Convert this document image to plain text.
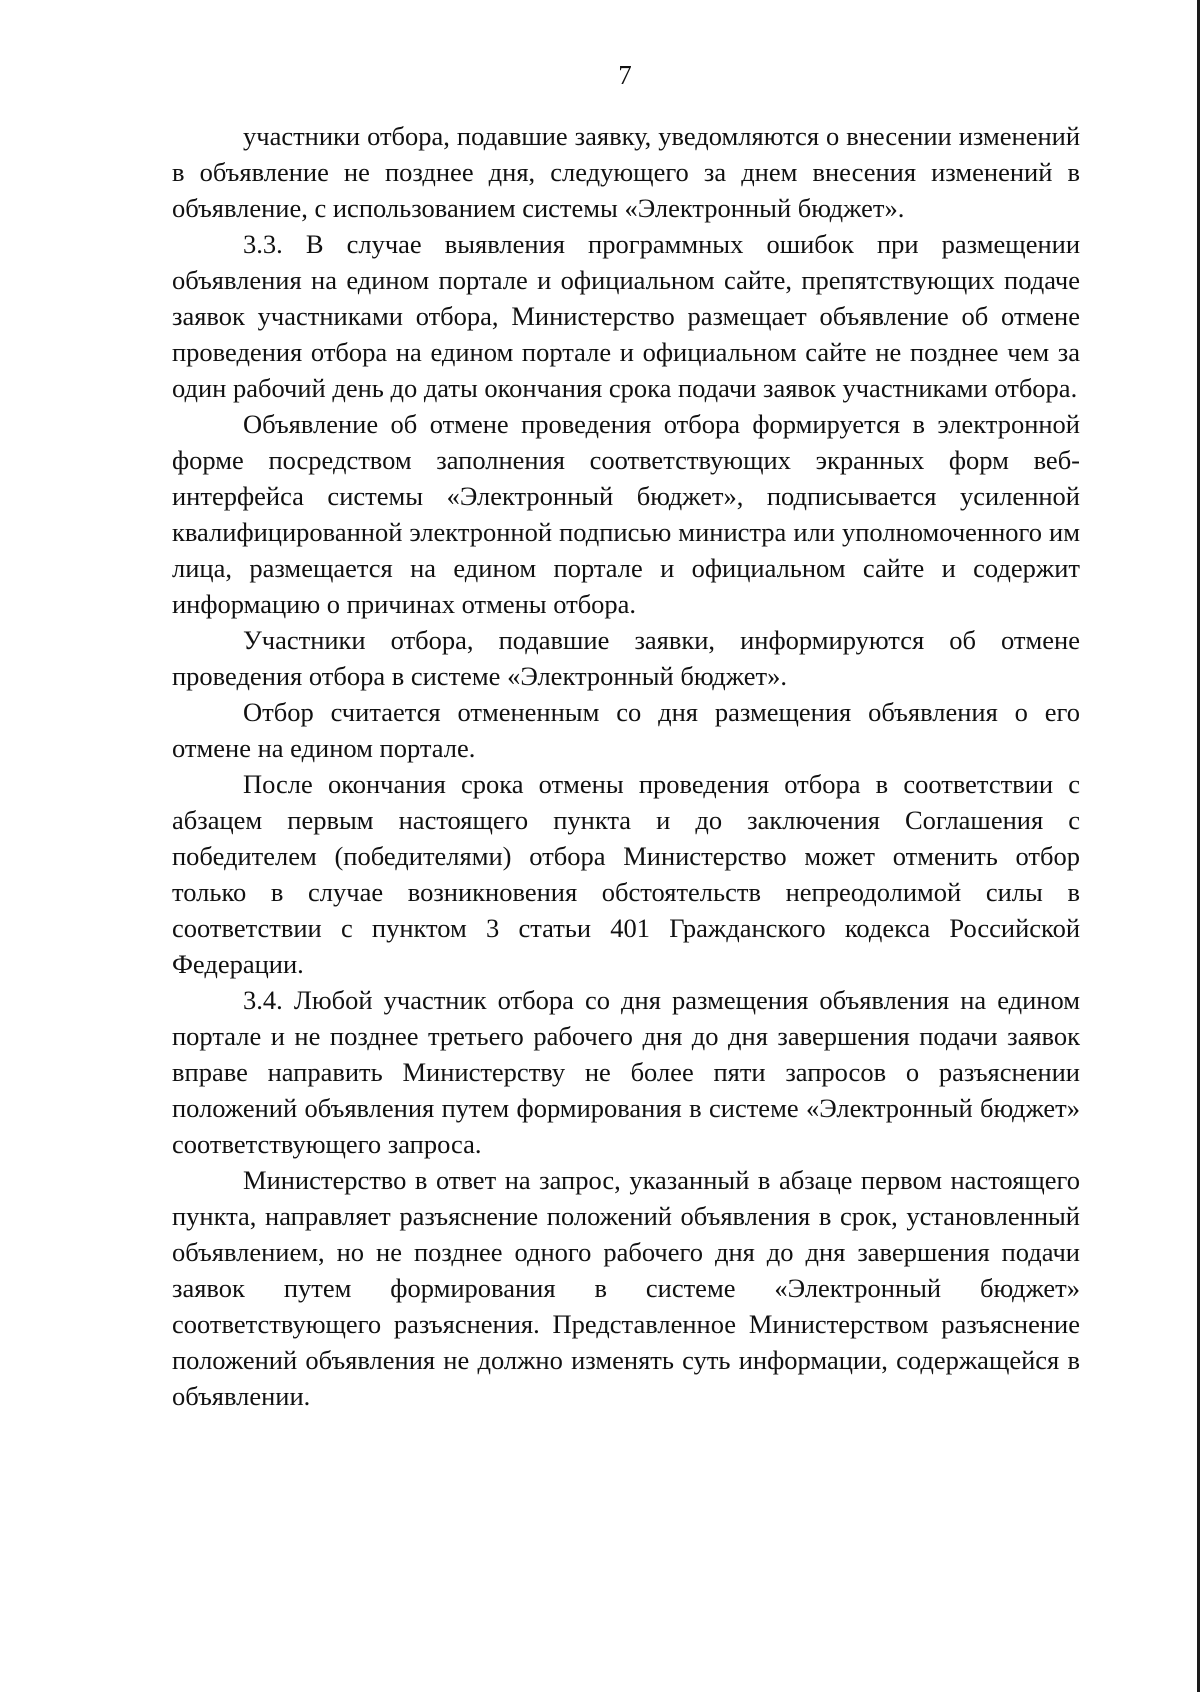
7

участники отбора, подавшие заявку, уведомляются о внесении изменений в объявление не позднее дня, следующего за днем внесения изменений в объявление, с использованием системы «Электронный бюджет».

3.3. В случае выявления программных ошибок при размещении объявления на едином портале и официальном сайте, препятствующих подаче заявок участниками отбора, Министерство размещает объявление об отмене проведения отбора на едином портале и официальном сайте не позднее чем за один рабочий день до даты окончания срока подачи заявок участниками отбора.

Объявление об отмене проведения отбора формируется в электронной форме посредством заполнения соответствующих экранных форм веб-интерфейса системы «Электронный бюджет», подписывается усиленной квалифицированной электронной подписью министра или уполномоченного им лица, размещается на едином портале и официальном сайте и содержит информацию о причинах отмены отбора.

Участники отбора, подавшие заявки, информируются об отмене проведения отбора в системе «Электронный бюджет».

Отбор считается отмененным со дня размещения объявления о его отмене на едином портале.

После окончания срока отмены проведения отбора в соответствии с абзацем первым настоящего пункта и до заключения Соглашения с победителем (победителями) отбора Министерство может отменить отбор только в случае возникновения обстоятельств непреодолимой силы в соответствии с пунктом 3 статьи 401 Гражданского кодекса Российской Федерации.

3.4. Любой участник отбора со дня размещения объявления на едином портале и не позднее третьего рабочего дня до дня завершения подачи заявок вправе направить Министерству не более пяти запросов о разъяснении положений объявления путем формирования в системе «Электронный бюджет» соответствующего запроса.

Министерство в ответ на запрос, указанный в абзаце первом настоящего пункта, направляет разъяснение положений объявления в срок, установленный объявлением, но не позднее одного рабочего дня до дня завершения подачи заявок путем формирования в системе «Электронный бюджет» соответствующего разъяснения. Представленное Министерством разъяснение положений объявления не должно изменять суть информации, содержащейся в объявлении.
